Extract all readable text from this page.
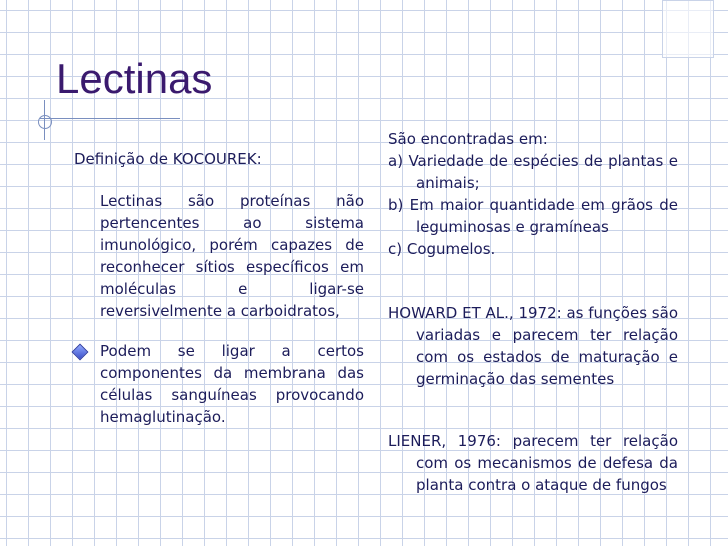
Lectinas

Definição de KOCOUREK:

Lectinas são proteínas não pertencentes ao sistema imunológico, porém capazes de reconhecer sítios específicos em moléculas e ligar-se reversivelmente a carboidratos,

Podem se ligar a certos componentes da membrana das células sanguíneas provocando hemaglutinação.

São encontradas em:

a) Variedade de espécies de plantas e animais;

b) Em maior quantidade em grãos de leguminosas e gramíneas

c) Cogumelos.

HOWARD ET AL., 1972: as funções são variadas e parecem ter relação com os estados de maturação e germinação das sementes

LIENER, 1976: parecem ter relação com os mecanismos de defesa da planta contra o ataque de fungos
